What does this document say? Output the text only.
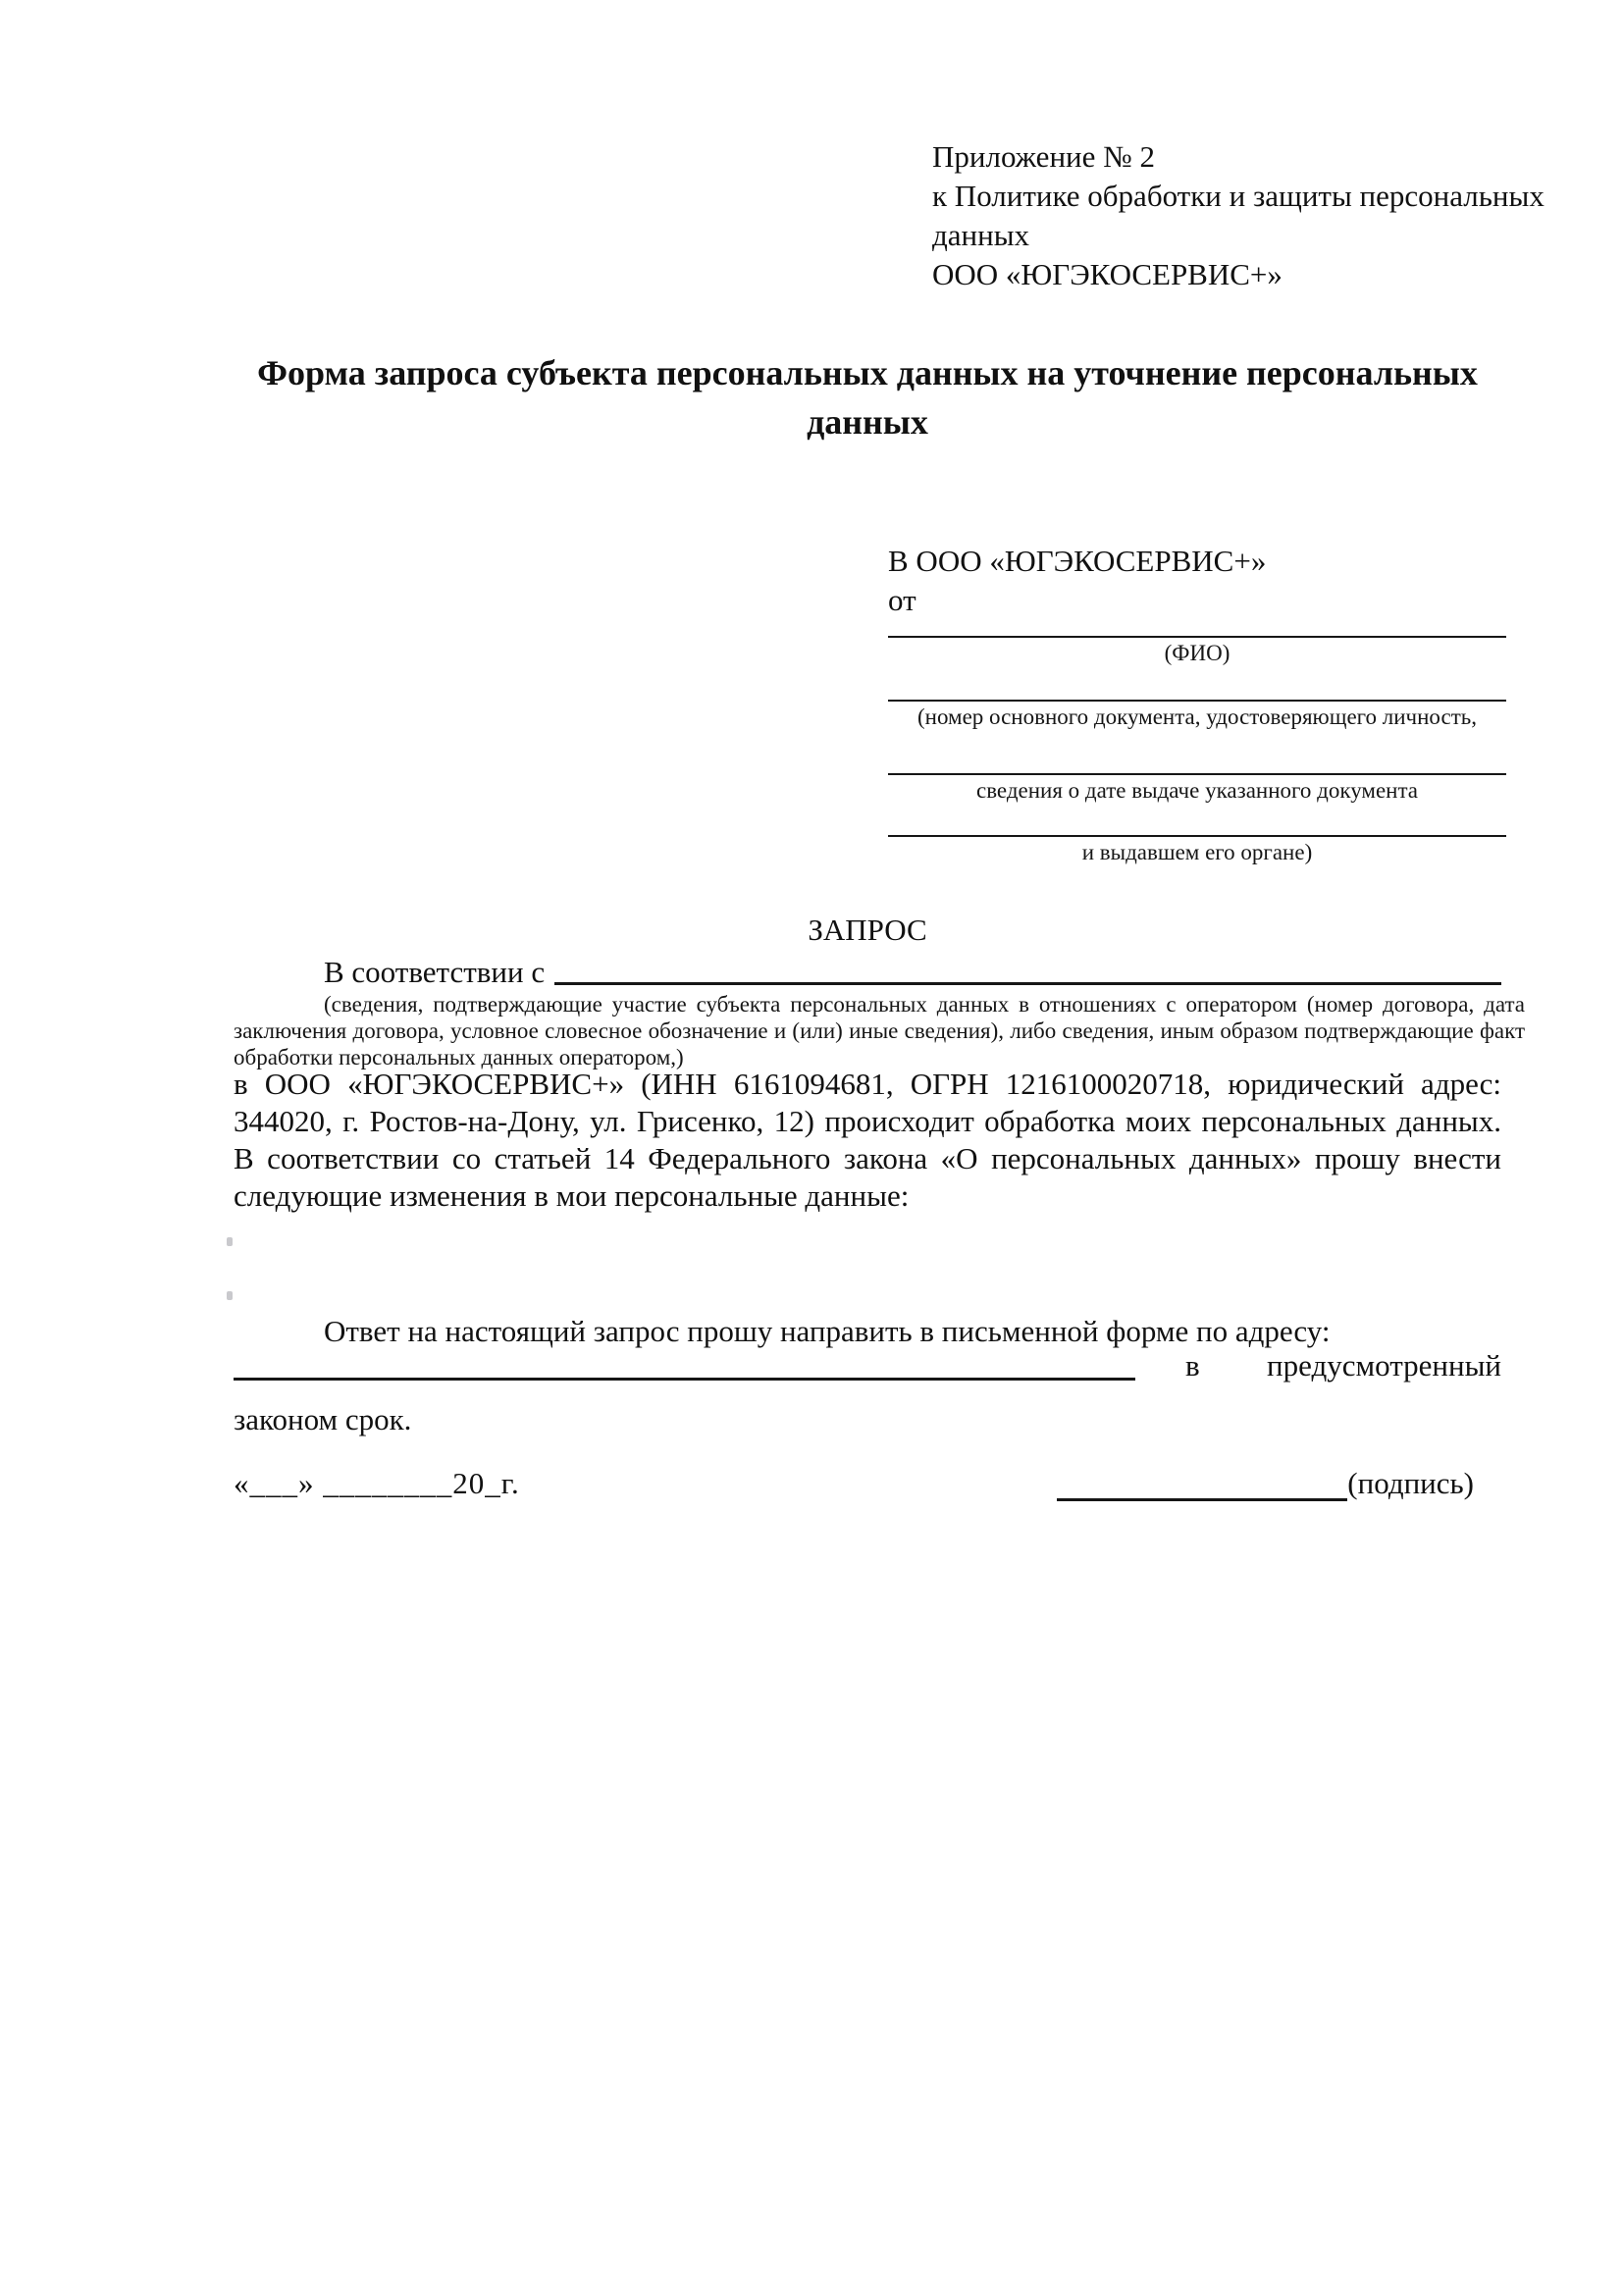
Приложение № 2
к Политике обработки и защиты персональных
данных
ООО «ЮГЭКОСЕРВИС+»
Форма запроса субъекта персональных данных на уточнение персональных данных
В ООО «ЮГЭКОСЕРВИС+»
от
(ФИО)
(номер основного документа, удостоверяющего личность,
сведения о дате выдаче указанного документа
и выдавшем его органе)
ЗАПРОС
В соответствии с
(сведения, подтверждающие участие субъекта персональных данных в отношениях с оператором (номер договора, дата заключения договора, условное словесное обозначение и (или) иные сведения), либо сведения, иным образом подтверждающие факт обработки персональных данных оператором,)
в ООО «ЮГЭКОСЕРВИС+» (ИНН 6161094681, ОГРН 1216100020718, юридический адрес: 344020, г. Ростов-на-Дону, ул. Грисенко, 12) происходит обработка моих персональных данных. В соответствии со статьей 14 Федерального закона «О персональных данных» прошу внести следующие изменения в мои персональные данные:
Ответ на настоящий запрос прошу направить в письменной форме по адресу:
в предусмотренный
законом срок.
«___» ________20_г.	(подпись)
